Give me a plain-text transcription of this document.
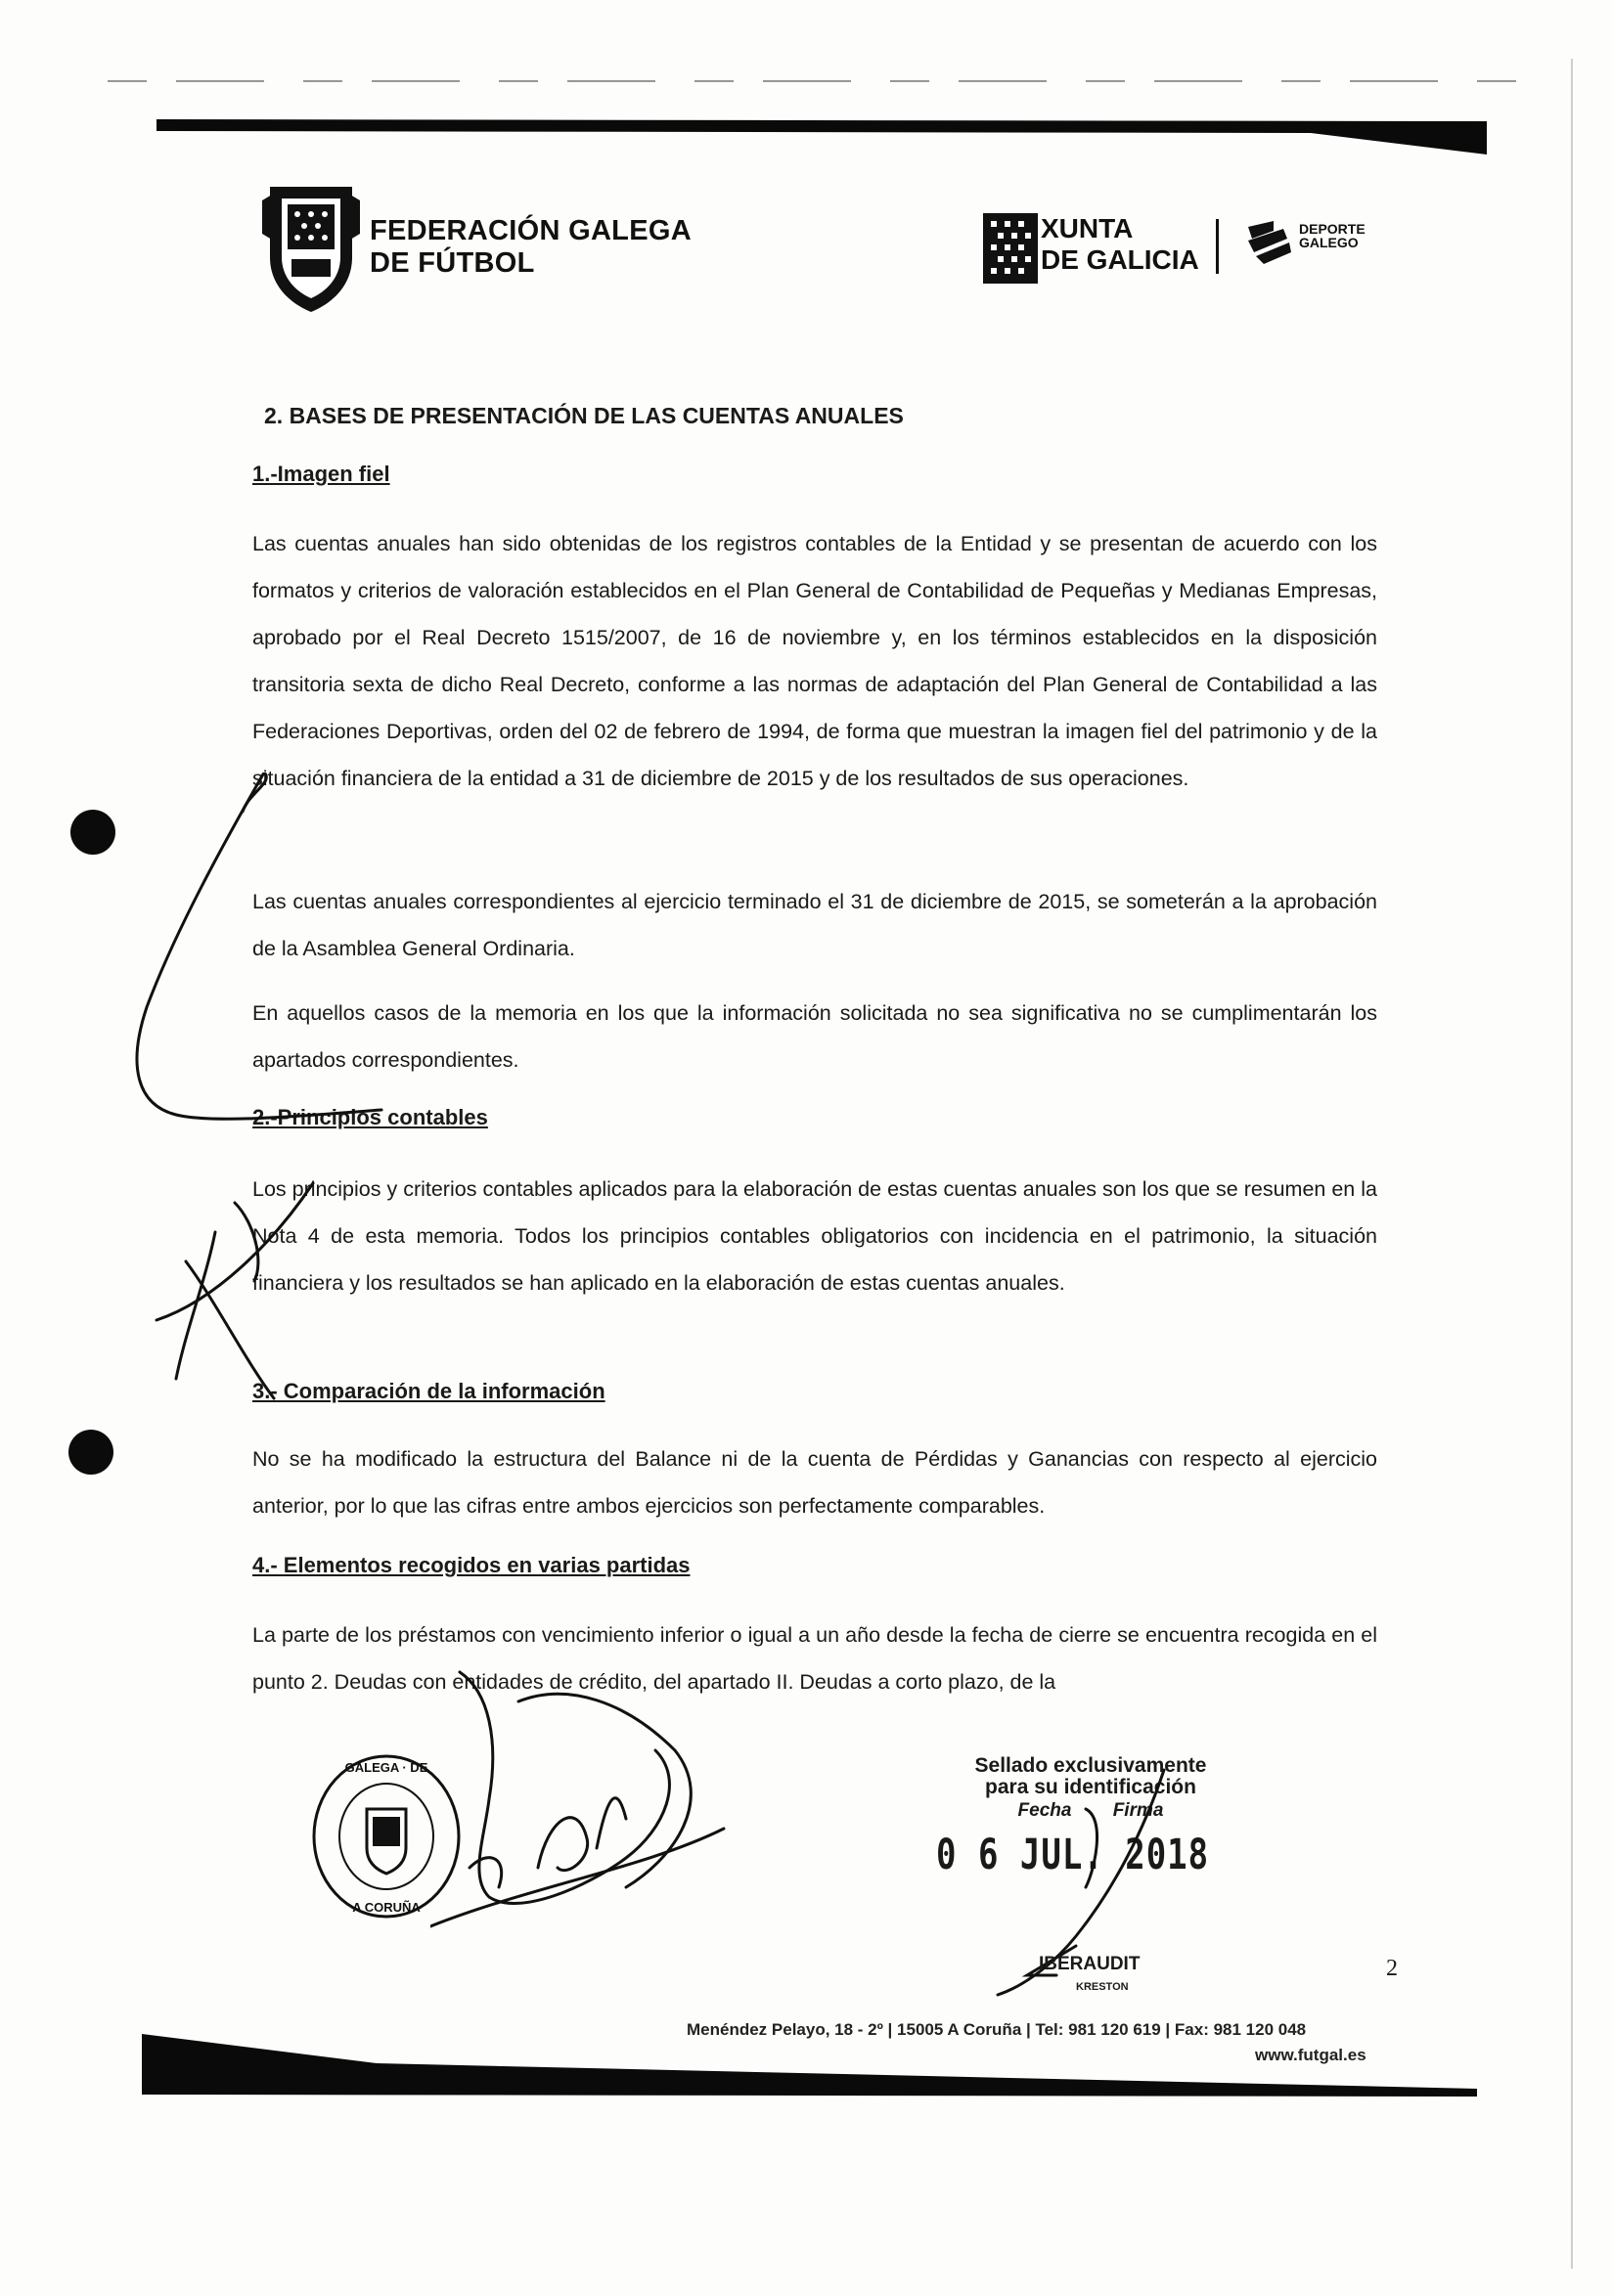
FEDERACIÓN GALEGA
DE FÚTBOL
XUNTA
DE GALICIA
DEPORTE
GALEGO
2. BASES DE PRESENTACIÓN DE LAS CUENTAS ANUALES
1.-Imagen fiel
Las cuentas anuales han sido obtenidas de los registros contables de la Entidad y se presentan de acuerdo con los formatos y criterios de valoración establecidos en el Plan General de Contabilidad de Pequeñas y Medianas Empresas, aprobado por el Real Decreto 1515/2007, de 16 de noviembre y, en los términos establecidos en la disposición transitoria sexta de dicho Real Decreto, conforme a las normas de adaptación del Plan General de Contabilidad a las Federaciones Deportivas, orden del 02 de febrero de 1994, de forma que muestran la imagen fiel del patrimonio y de la situación financiera de la entidad a 31 de diciembre de 2015 y de los resultados de sus operaciones.
Las cuentas anuales correspondientes al ejercicio terminado el 31 de diciembre de 2015, se someterán a la aprobación de la Asamblea General Ordinaria.
En aquellos casos de la memoria en los que la información solicitada no sea significativa no se cumplimentarán los apartados correspondientes.
2.-Principios contables
Los principios y criterios contables aplicados para la elaboración de estas cuentas anuales son los que se resumen en la Nota 4 de esta memoria. Todos los principios contables obligatorios con incidencia en el patrimonio, la situación financiera y los resultados se han aplicado en la elaboración de estas cuentas anuales.
3.- Comparación de la información
No se ha modificado la estructura del Balance ni de la cuenta de Pérdidas y Ganancias con respecto al ejercicio anterior, por lo que las cifras entre ambos ejercicios son perfectamente comparables.
4.- Elementos recogidos en varias partidas
La parte de los préstamos con vencimiento inferior o igual a un año desde la fecha de cierre se encuentra recogida en el punto 2. Deudas con entidades de crédito, del apartado II. Deudas a corto plazo, de la
GALEGA · DE
A CORUÑA
Sellado exclusivamente
para su identificación
Fecha Firma
0 6 JUL. 2018
IBERAUDIT
KRESTON
2
Menéndez Pelayo, 18 - 2º | 15005 A Coruña | Tel: 981 120 619 | Fax: 981 120 048
www.futgal.es
